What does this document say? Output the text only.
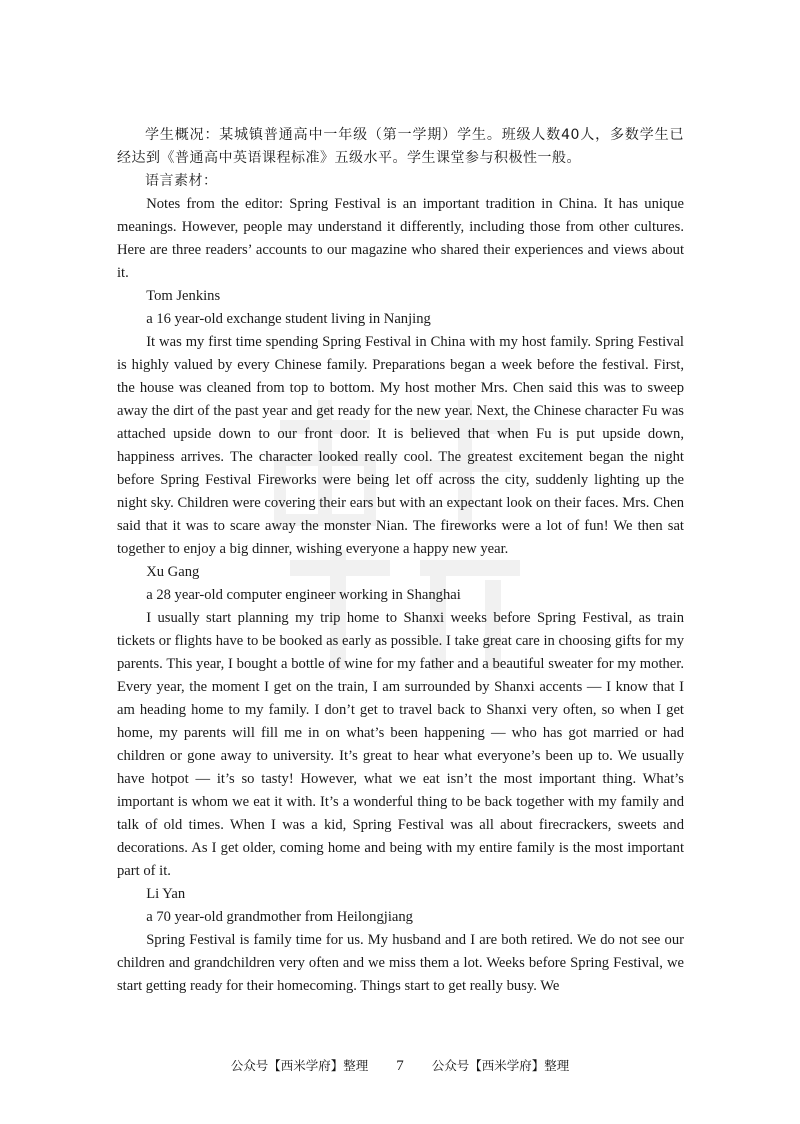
学生概况：某城镇普通高中一年级（第一学期）学生。班级人数40人，多数学生已经达到《普通高中英语课程标准》五级水平。学生课堂参与积极性一般。

语言素材：

Notes from the editor: Spring Festival is an important tradition in China. It has unique meanings. However, people may understand it differently, including those from other cultures. Here are three readers’ accounts to our magazine who shared their experiences and views about it.

Tom Jenkins

a 16 year-old exchange student living in Nanjing

It was my first time spending Spring Festival in China with my host family. Spring Festival is highly valued by every Chinese family. Preparations began a week before the festival. First, the house was cleaned from top to bottom. My host mother Mrs. Chen said this was to sweep away the dirt of the past year and get ready for the new year. Next, the Chinese character Fu was attached upside down to our front door. It is believed that when Fu is put upside down, happiness arrives. The character looked really cool. The greatest excitement began the night before Spring Festival Fireworks were being let off across the city, suddenly lighting up the night sky. Children were covering their ears but with an expectant look on their faces. Mrs. Chen said that it was to scare away the monster Nian. The fireworks were a lot of fun! We then sat together to enjoy a big dinner, wishing everyone a happy new year.

Xu Gang

a 28 year-old computer engineer working in Shanghai

I usually start planning my trip home to Shanxi weeks before Spring Festival, as train tickets or flights have to be booked as early as possible. I take great care in choosing gifts for my parents. This year, I bought a bottle of wine for my father and a beautiful sweater for my mother. Every year, the moment I get on the train, I am surrounded by Shanxi accents — I know that I am heading home to my family. I don’t get to travel back to Shanxi very often, so when I get home, my parents will fill me in on what’s been happening — who has got married or had children or gone away to university. It’s great to hear what everyone’s been up to. We usually have hotpot — it’s so tasty! However, what we eat isn’t the most important thing. What’s important is whom we eat it with. It’s a wonderful thing to be back together with my family and talk of old times. When I was a kid, Spring Festival was all about firecrackers, sweets and decorations. As I get older, coming home and being with my entire family is the most important part of it.

Li Yan

a 70 year-old grandmother from Heilongjiang

Spring Festival is family time for us. My husband and I are both retired. We do not see our children and grandchildren very often and we miss them a lot. Weeks before Spring Festival, we start getting ready for their homecoming. Things start to get really busy. We

公众号【西米学府】整理 7 公众号【西米学府】整理
